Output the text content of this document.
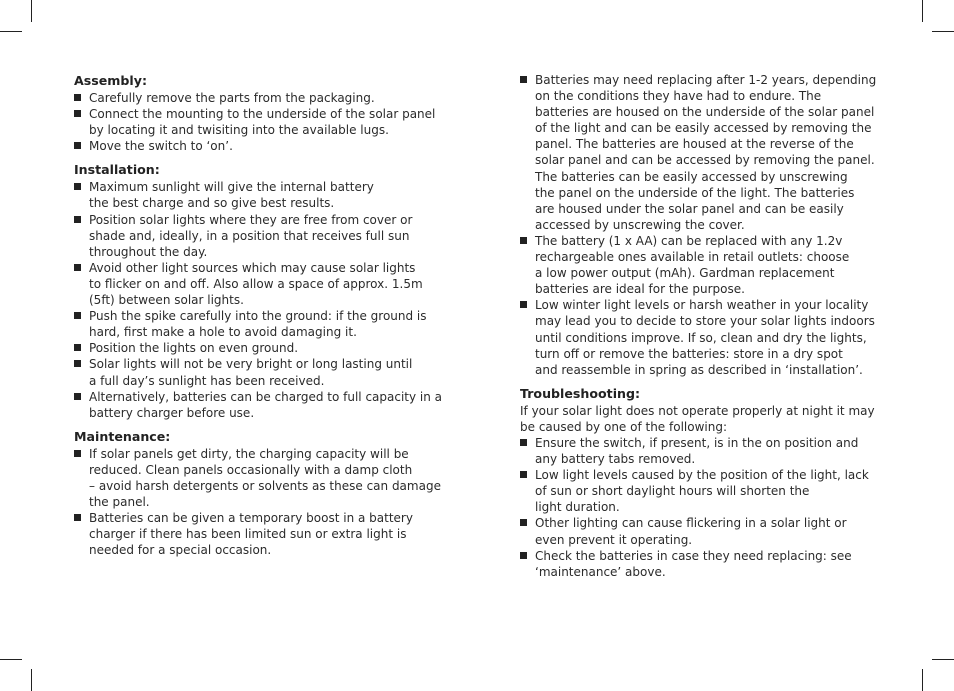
Assembly:
Carefully remove the parts from the packaging.
Connect the mounting to the underside of the solar panel
by locating it and twisiting into the available lugs.
Move the switch to ‘on’.
Installation:
Maximum sunlight will give the internal battery
the best charge and so give best results.
Position solar lights where they are free from cover or
shade and, ideally, in a position that receives full sun
throughout the day.
Avoid other light sources which may cause solar lights
to flicker on and off. Also allow a space of approx. 1.5m
(5ft) between solar lights.
Push the spike carefully into the ground: if the ground is
hard, first make a hole to avoid damaging it.
Position the lights on even ground.
Solar lights will not be very bright or long lasting until
a full day’s sunlight has been received.
Alternatively, batteries can be charged to full capacity in a
battery charger before use.
Maintenance:
If solar panels get dirty, the charging capacity will be
reduced. Clean panels occasionally with a damp cloth
– avoid harsh detergents or solvents as these can damage
the panel.
Batteries can be given a temporary boost in a battery
charger if there has been limited sun or extra light is
needed for a special occasion.
Batteries may need replacing after 1-2 years, depending
on the conditions they have had to endure. The
batteries are housed on the underside of the solar panel
of the light and can be easily accessed by removing the
panel. The batteries are housed at the reverse of the
solar panel and can be accessed by removing the panel.
The batteries can be easily accessed by unscrewing
the panel on the underside of the light. The batteries
are housed under the solar panel and can be easily
accessed by unscrewing the cover.
The battery (1 x AA) can be replaced with any 1.2v
rechargeable ones available in retail outlets: choose
a low power output (mAh). Gardman replacement
batteries are ideal for the purpose.
Low winter light levels or harsh weather in your locality
may lead you to decide to store your solar lights indoors
until conditions improve. If so, clean and dry the lights,
turn off or remove the batteries: store in a dry spot
and reassemble in spring as described in ‘installation’.
Troubleshooting:
If your solar light does not operate properly at night it may be caused by one of the following:
Ensure the switch, if present, is in the on position and
any battery tabs removed.
Low light levels caused by the position of the light, lack
of sun or short daylight hours will shorten the
light duration.
Other lighting can cause flickering in a solar light or
even prevent it operating.
Check the batteries in case they need replacing: see
‘maintenance’ above.
